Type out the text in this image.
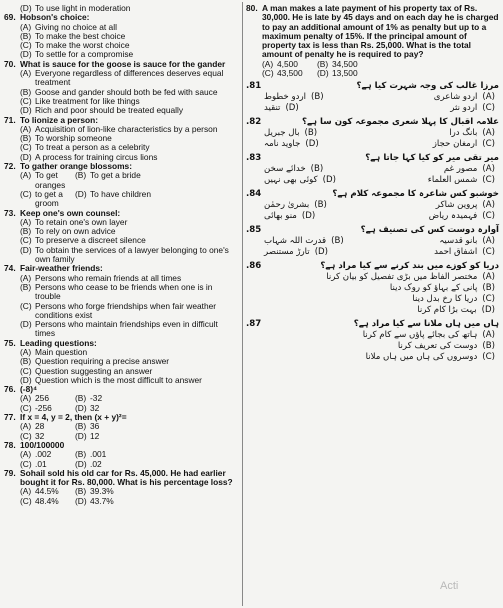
(D) To use light in moderation
69. Hobson's choice:
(A) Giving no choice at all
(B) To make the best choice
(C) To make the worst choice
(D) To settle for a compromise
70. What is sauce for the goose is sauce for the gander
(A) Everyone regardless of differences deserves equal treatment
(B) Goose and gander should both be fed with sauce
(C) Like treatment for like things
(D) Rich and poor should be treated equally
71. To lionize a person:
(A) Acquisition of lion-like characteristics by a person
(B) To worship someone
(C) To treat a person as a celebrity
(D) A process for training circus lions
72. To gather orange blossoms:
(A) To get oranges
(B) To get a bride
(C) to get a groom
(D) To have children
73. Keep one's own counsel:
(A) To retain one's own layer
(B) To rely on own advice
(C) To preserve a discreet silence
(D) To obtain the services of a lawyer belonging to one's own family
74. Fair-weather friends:
(A) Persons who remain friends at all times
(B) Persons who cease to be friends when one is in trouble
(C) Persons who forge friendships when fair weather conditions exist
(D) Persons who maintain friendships even in difficult times
75. Leading questions:
(A) Main question
(B) Question requiring a precise answer
(C) Question suggesting an answer
(D) Question which is the most difficult to answer
76. (-8)⁴
(A) 256	(B) -32
(C) -256	(D) 32
77. If x = 4, y = 2, then (x + y)²=
(A) 28	(B) 36
(C) 32	(D) 12
78. 100/100000
(A) .002	(B) .001
(C) .01	(D) .02
79. Sohail sold his old car for Rs. 45,000. He had earlier bought it for Rs. 80,000. What is his percentage loss?
(A) 44.5%	(B) 39.3%
(C) 48.4%	(D) 43.7%
80. A man makes a late payment of his property tax of Rs. 30,000. He is late by 45 days and on each day he is charged to pay an additional amount of 1% as penalty but up to a maximum penalty of 15%. If the principal amount of property tax is less than Rs. 25,000. What is the total amount of penalty he is required to pay?
(A) 4,500	(B) 34,500
(C) 43,500	(D) 13,500
مرزا غالب کی وجہ شہرت کیا ہے؟
.81
(A)
اردو شاعری
(B)
اردو خطوط
(C)
اردو نثر
(D)
تنقید
علامہ اقبال کا پہلا شعری مجموعہ کون سا ہے؟
.82
(A)
بانگ درا
(B)
بال جبریل
(C)
ارمغان حجاز
(D)
جاوید نامہ
میر تقی میر کو کیا کہا جاتا ہے؟
.83
(A)
مصور غم
(B)
خدائے سخن
(C)
شمس العلماء
(D)
کوئی بھی نہیں
خوشبو کس شاعرہ کا مجموعہ کلام ہے؟
.84
(A)
پروین شاکر
(B)
بشریٰ رحمٰن
(C)
فہمیدہ ریاض
(D)
منو بھائی
آوارہ دوست کس کی تصنیف ہے؟
.85
(A)
بانو قدسیہ
(B)
قدرت اللہ شہاب
(C)
اشفاق احمد
(D)
تارڑ مستنصر
دریا کو کوزے میں بند کرنے سے کیا مراد ہے؟
.86
(A)
مختصر الفاظ میں بڑی تفصیل کو بیان کرنا
(B)
پانی کے بہاؤ کو روک دینا
(C)
دریا کا رخ بدل دینا
(D)
بہت بڑا کام کرنا
ہاں میں ہاں ملانا سے کیا مراد ہے؟
.87
(A)
ہاتھ کی بجائے پاؤں سے کام کرنا
(B)
دوست کی تعریف کرنا
(C)
دوسروں کی ہاں میں ہاں ملانا
Acti
